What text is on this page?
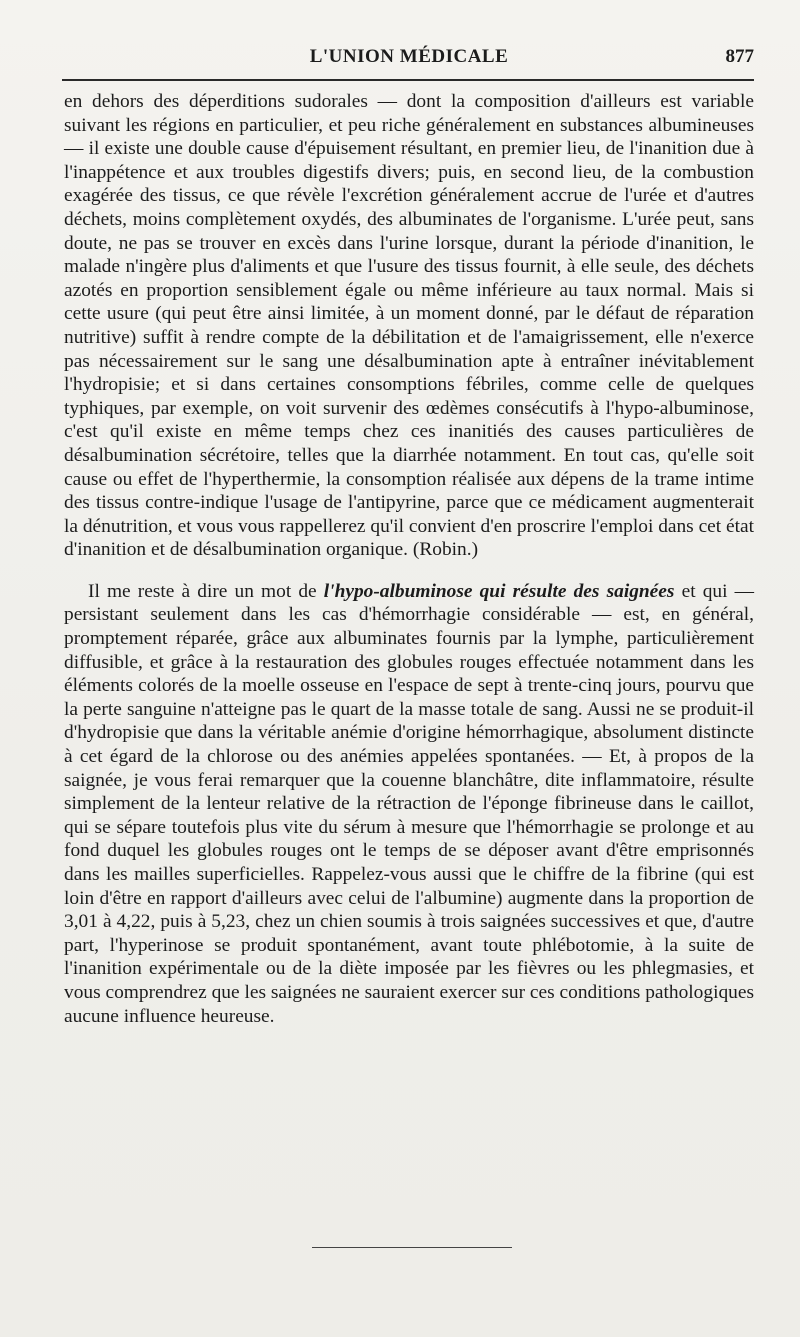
L'UNION MÉDICALE	877

en dehors des déperditions sudorales — dont la composition d'ailleurs est variable suivant les régions en particulier, et peu riche généralement en substances albumineuses — il existe une double cause d'épuisement résultant, en premier lieu, de l'inanition due à l'inappétence et aux troubles digestifs divers; puis, en second lieu, de la combustion exagérée des tissus, ce que révèle l'excrétion généralement accrue de l'urée et d'autres déchets, moins complètement oxydés, des albuminates de l'organisme. L'urée peut, sans doute, ne pas se trouver en excès dans l'urine lorsque, durant la période d'inanition, le malade n'ingère plus d'aliments et que l'usure des tissus fournit, à elle seule, des déchets azotés en proportion sensiblement égale ou même inférieure au taux normal. Mais si cette usure (qui peut être ainsi limitée, à un moment donné, par le défaut de réparation nutritive) suffit à rendre compte de la débilitation et de l'amaigrissement, elle n'exerce pas nécessairement sur le sang une désalbumination apte à entraîner inévitablement l'hydropisie; et si dans certaines consomptions fébriles, comme celle de quelques typhiques, par exemple, on voit survenir des œdèmes consécutifs à l'hypo-albuminose, c'est qu'il existe en même temps chez ces inanitiés des causes particulières de désalbumination sécrétoire, telles que la diarrhée notamment. En tout cas, qu'elle soit cause ou effet de l'hyperthermie, la consomption réalisée aux dépens de la trame intime des tissus contre-indique l'usage de l'antipyrine, parce que ce médicament augmenterait la dénutrition, et vous vous rappellerez qu'il convient d'en proscrire l'emploi dans cet état d'inanition et de désalbumination organique. (Robin.)

Il me reste à dire un mot de l'hypo-albuminose qui résulte des saignées et qui — persistant seulement dans les cas d'hémorrhagie considérable — est, en général, promptement réparée, grâce aux albuminates fournis par la lymphe, particulièrement diffusible, et grâce à la restauration des globules rouges effectuée notamment dans les éléments colorés de la moelle osseuse en l'espace de sept à trente-cinq jours, pourvu que la perte sanguine n'atteigne pas le quart de la masse totale de sang. Aussi ne se produit-il d'hydropisie que dans la véritable anémie d'origine hémorrhagique, absolument distincte à cet égard de la chlorose ou des anémies appelées spontanées. — Et, à propos de la saignée, je vous ferai remarquer que la couenne blanchâtre, dite inflammatoire, résulte simplement de la lenteur relative de la rétraction de l'éponge fibrineuse dans le caillot, qui se sépare toutefois plus vite du sérum à mesure que l'hémorrhagie se prolonge et au fond duquel les globules rouges ont le temps de se déposer avant d'être emprisonnés dans les mailles superficielles. Rappelez-vous aussi que le chiffre de la fibrine (qui est loin d'être en rapport d'ailleurs avec celui de l'albumine) augmente dans la proportion de 3,01 à 4,22, puis à 5,23, chez un chien soumis à trois saignées successives et que, d'autre part, l'hyperinose se produit spontanément, avant toute phlébotomie, à la suite de l'inanition expérimentale ou de la diète imposée par les fièvres ou les phlegmasies, et vous comprendrez que les saignées ne sauraient exercer sur ces conditions pathologiques aucune influence heureuse.
